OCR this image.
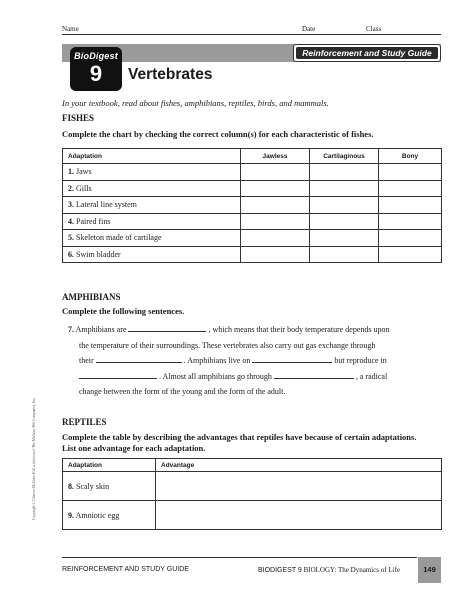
Name	Date	Class
BioDigest
9	Vertebrates
Reinforcement and Study Guide
In your textbook, read about fishes, amphibians, reptiles, birds, and mammals.
FISHES
Complete the chart by checking the correct column(s) for each characteristic of fishes.
Adaptation	Jawless	Cartilaginous	Bony
1. Jaws			
2. Gills			
3. Lateral line system			
4. Paired fins			
5. Skeleton made of cartilage			
6. Swim bladder			
AMPHIBIANS
Complete the following sentences.
7. Amphibians are	, which means that their body temperature depends upon
the temperature of their surroundings. These vertebrates also carry out gas exchange through
their	. Amphibians live on	but reproduce in
. Almost all amphibians go through	, a radical
change between the form of the young and the form of the adult.
REPTILES
Complete the table by describing the advantages that reptiles have because of certain adaptations.
List one advantage for each adaptation.
Adaptation	Advantage
8. Scaly skin	
9. Amniotic egg	
Copyright © Glencoe/McGraw-Hill, a division of The McGraw-Hill Companies, Inc.
REINFORCEMENT AND STUDY GUIDE	BIODIGEST 9 BIOLOGY: The Dynamics of Life	149
